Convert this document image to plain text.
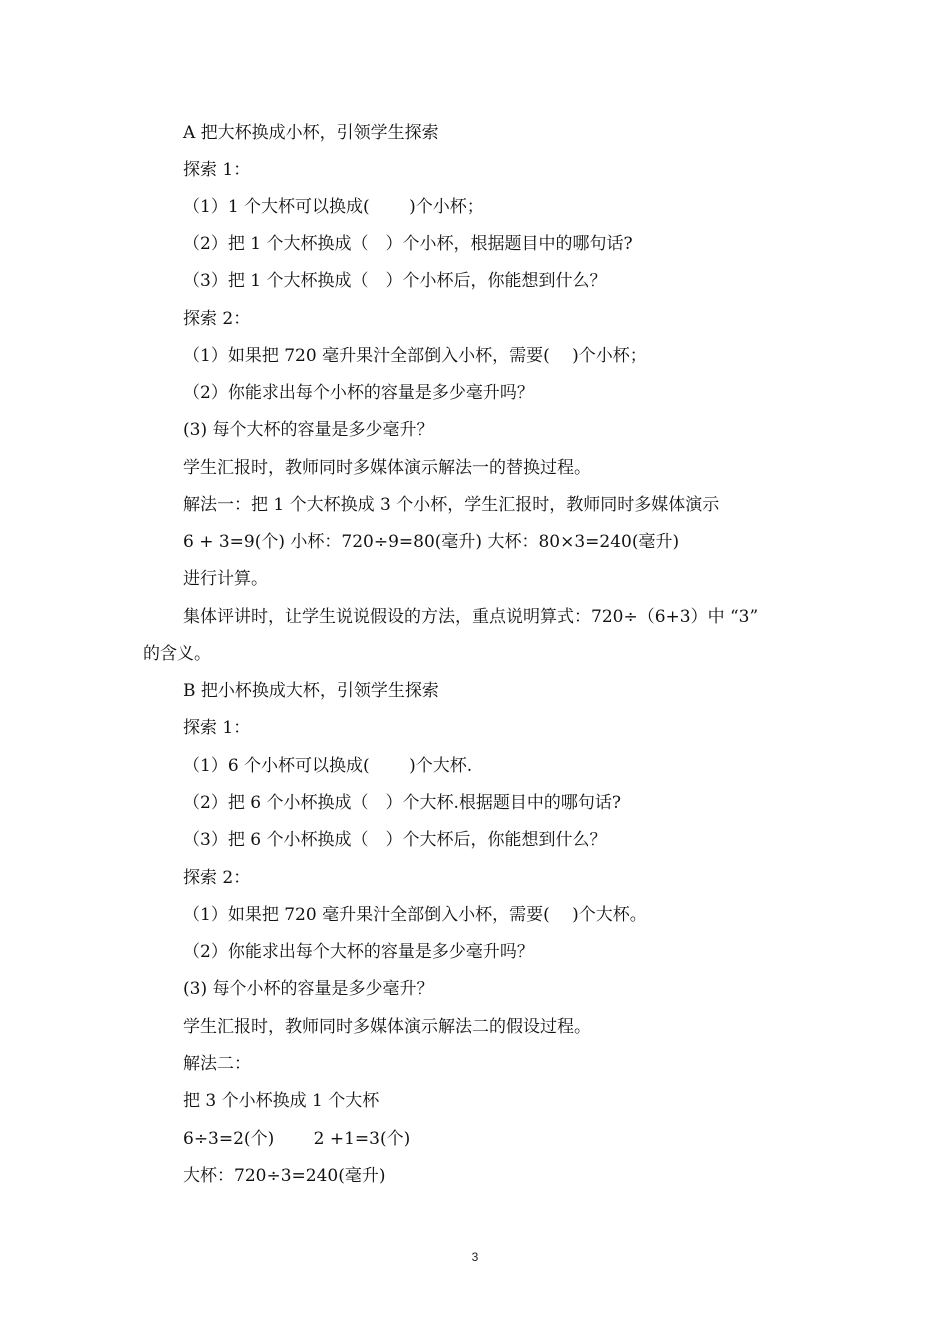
A 把大杯换成小杯，引领学生探索
探索 1：
（1）1 个大杯可以换成(　 　)个小杯；
（2）把 1 个大杯换成（　）个小杯，根据题目中的哪句话?
（3）把 1 个大杯换成（　）个小杯后，你能想到什么？
探索 2：
（1）如果把 720 毫升果汁全部倒入小杯，需要(　 )个小杯；
（2）你能求出每个小杯的容量是多少毫升吗？
(3) 每个大杯的容量是多少毫升？
学生汇报时，教师同时多媒体演示解法一的替换过程。
解法一：把 1 个大杯换成 3 个小杯，学生汇报时，教师同时多媒体演示
6 + 3=9(个) 小杯：720÷9=80(毫升) 大杯：80×3=240(毫升)
进行计算。
集体评讲时，让学生说说假设的方法，重点说明算式：720÷（6+3）中 “3”
的含义。
B 把小杯换成大杯，引领学生探索
探索 1：
（1）6 个小杯可以换成(　 　)个大杯.
（2）把 6 个小杯换成（　）个大杯.根据题目中的哪句话?
（3）把 6 个小杯换成（　）个大杯后，你能想到什么？
探索 2：
（1）如果把 720 毫升果汁全部倒入小杯，需要(　 )个大杯。
（2）你能求出每个大杯的容量是多少毫升吗？
(3) 每个小杯的容量是多少毫升？
学生汇报时，教师同时多媒体演示解法二的假设过程。
解法二：
把 3 个小杯换成 1 个大杯
6÷3=2(个)　　 2 +1=3(个)
大杯：720÷3=240(毫升)
3
